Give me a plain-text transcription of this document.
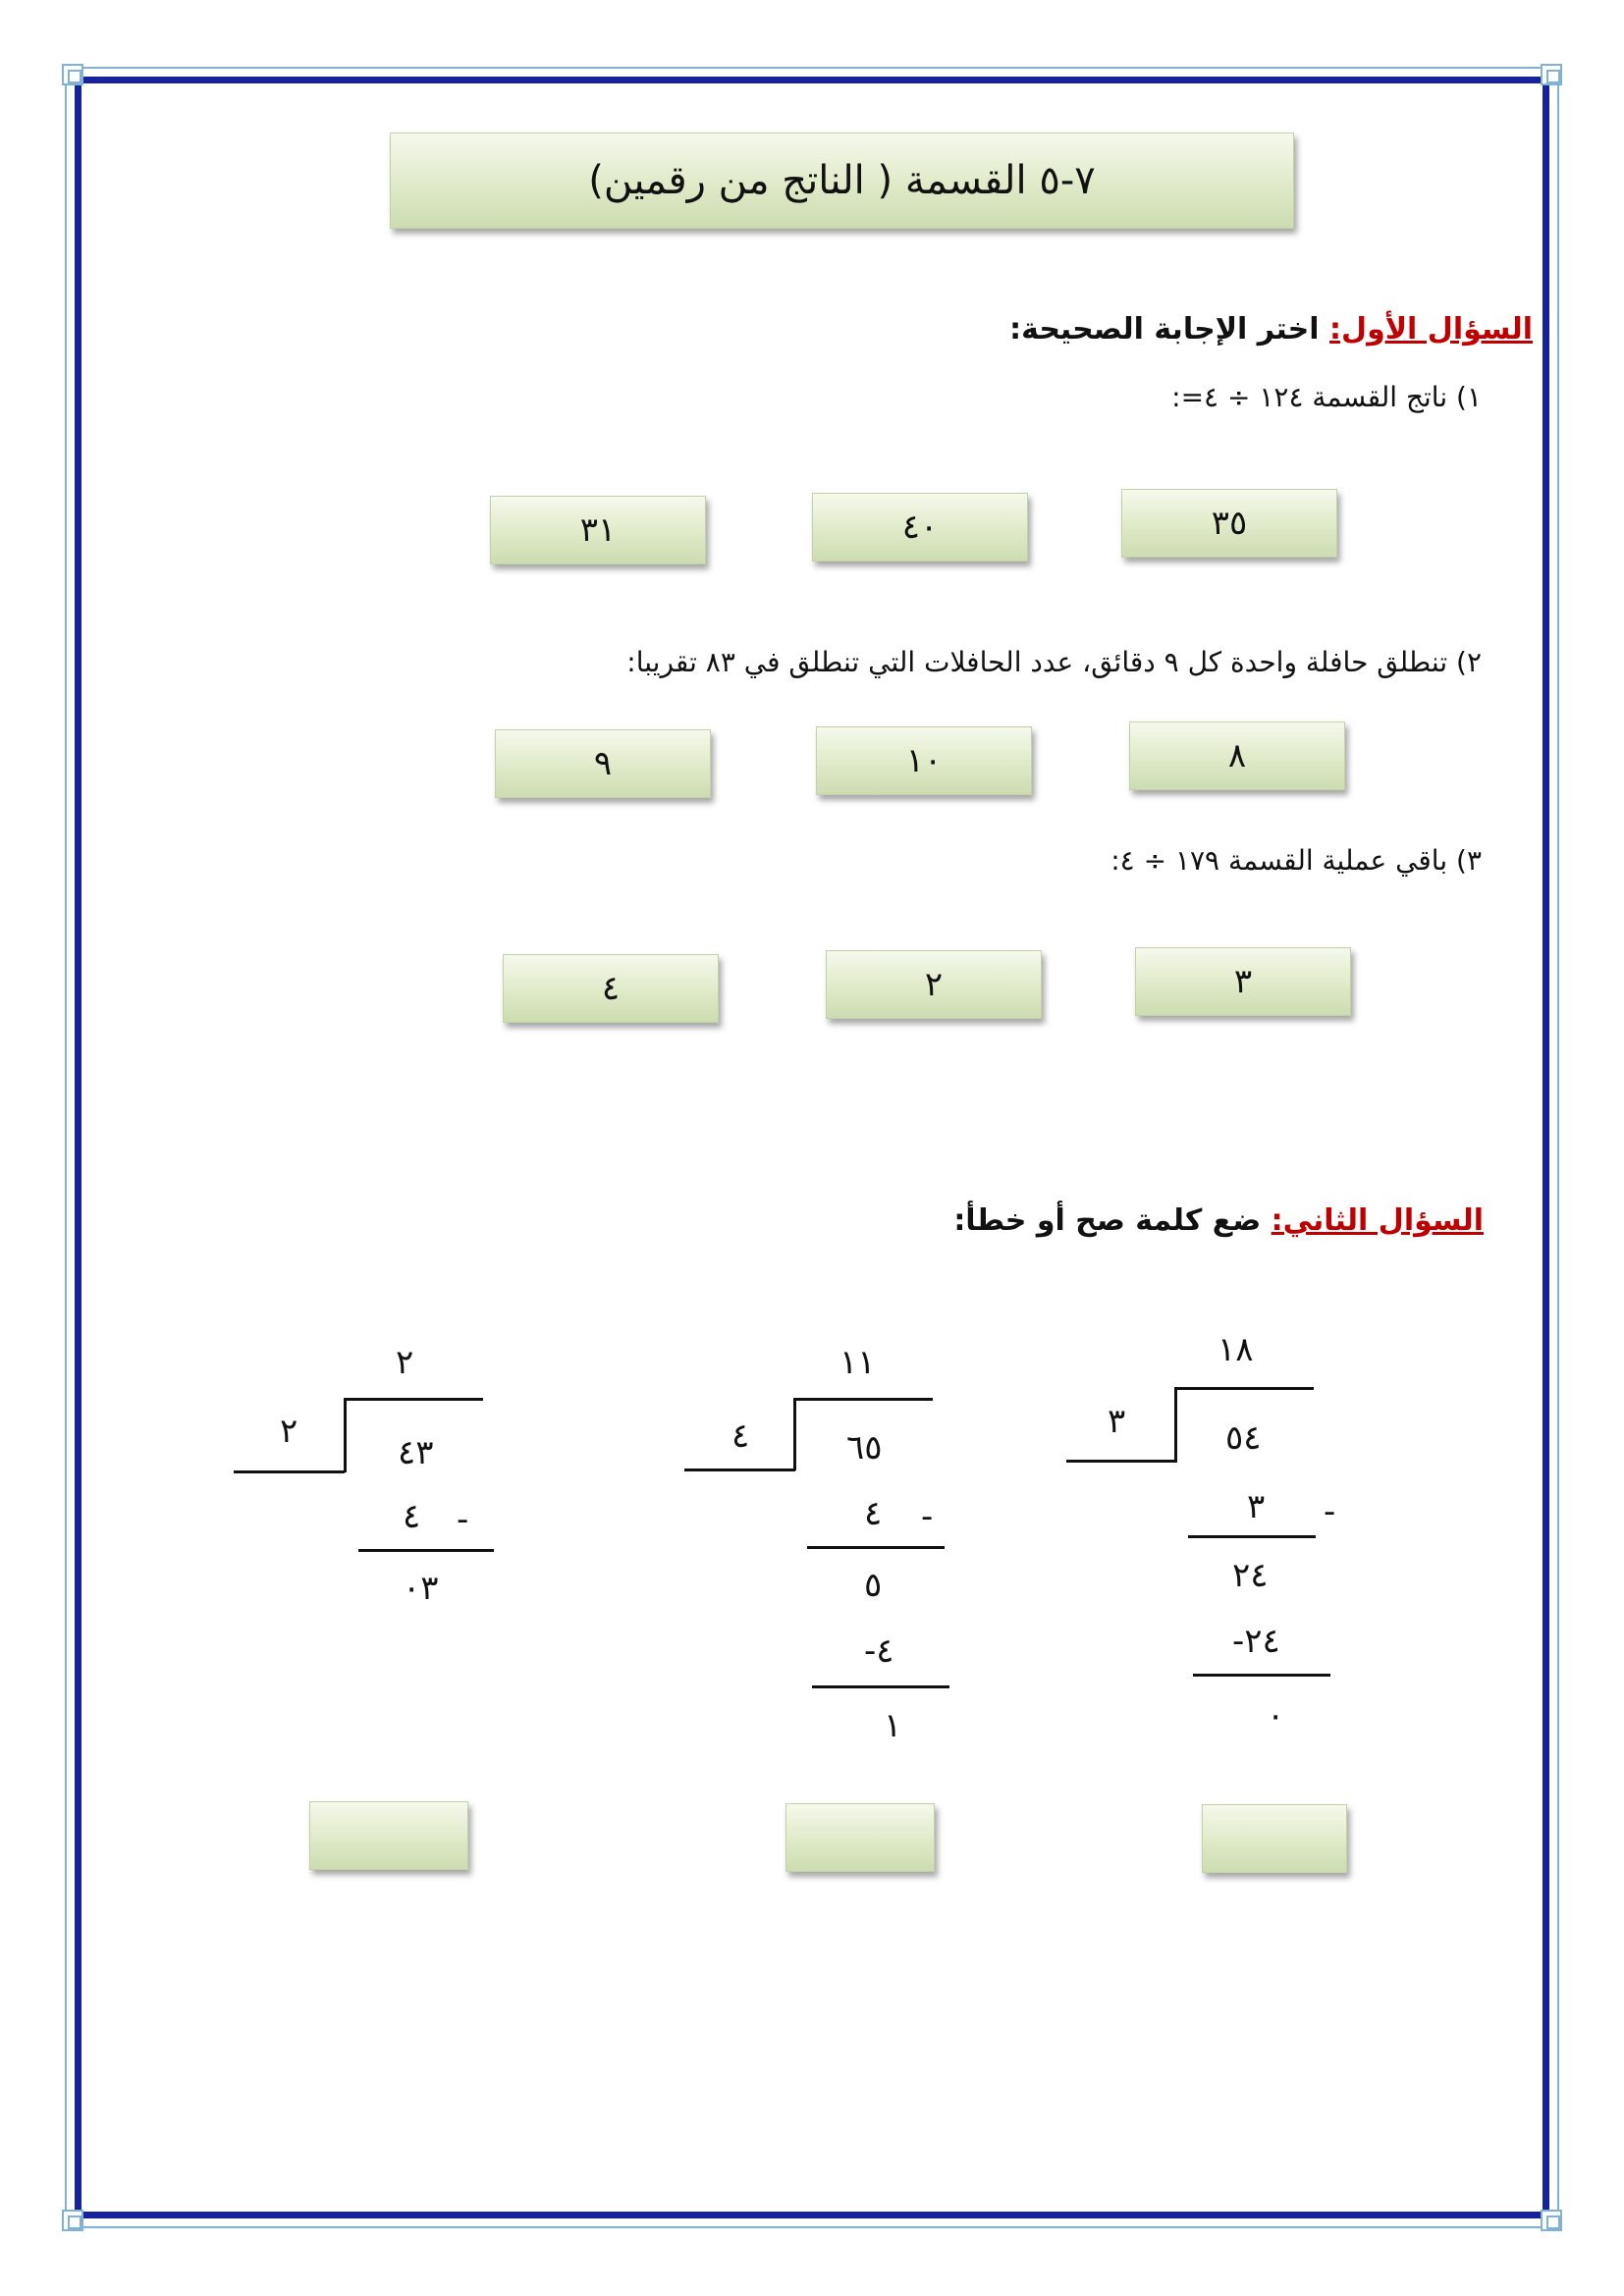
٧-٥ القسمة ( الناتج من رقمين)
السؤال الأول: اختر الإجابة الصحيحة:
١) ناتج القسمة ١٢٤ ÷ ٤=:
٣٥
٤٠
٣١
٢) تنطلق حافلة واحدة كل ٩ دقائق، عدد الحافلات التي تنطلق في ٨٣ تقريبا:
٨
١٠
٩
٣) باقي عملية القسمة ١٧٩ ÷ ٤:
٣
٢
٤
السؤال الثاني: ضع كلمة صح أو خطأ:
١٨
٣	٥٤
٣ -
٢٤
٢٤-
٠
١١
٤	٦٥
٤ -
٥
٤-
١
٢
٢
٤٣
٤ -
٠٣
